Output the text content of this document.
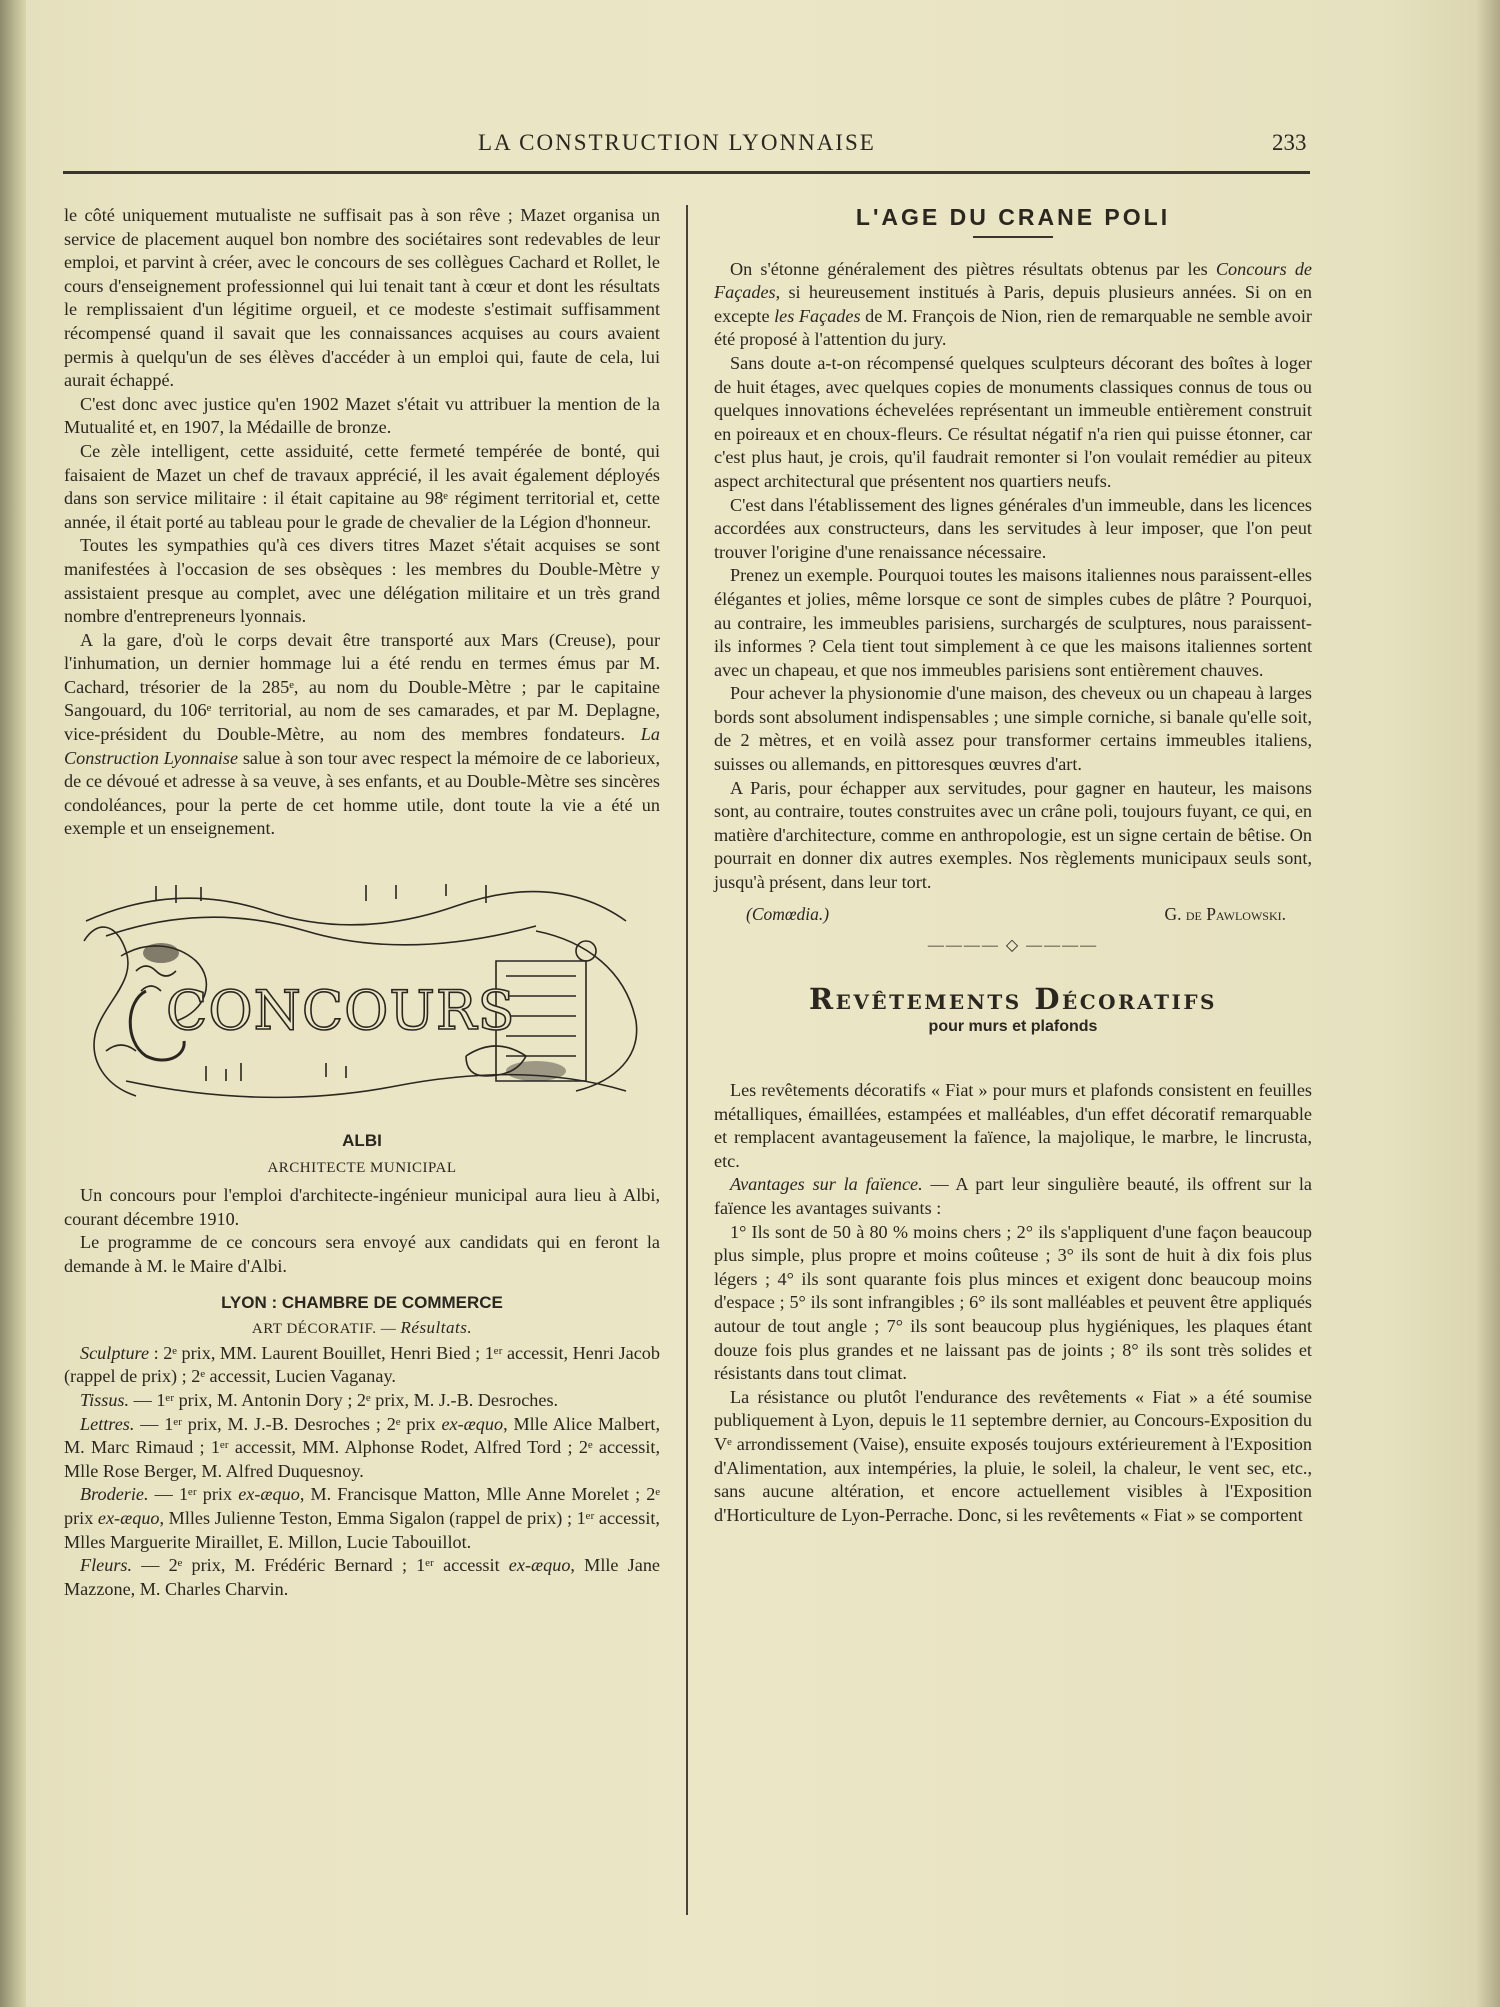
LA CONSTRUCTION LYONNAISE	233

le côté uniquement mutualiste ne suffisait pas à son rêve ; Mazet organisa un service de placement auquel bon nombre des sociétaires sont redevables de leur emploi, et parvint à créer, avec le concours de ses collègues Cachard et Rollet, le cours d'enseignement professionnel qui lui tenait tant à cœur et dont les résultats le remplissaient d'un légitime orgueil, et ce modeste s'estimait suffisamment récompensé quand il savait que les connaissances acquises au cours avaient permis à quelqu'un de ses élèves d'accéder à un emploi qui, faute de cela, lui aurait échappé.

C'est donc avec justice qu'en 1902 Mazet s'était vu attribuer la mention de la Mutualité et, en 1907, la Médaille de bronze.

Ce zèle intelligent, cette assiduité, cette fermeté tempérée de bonté, qui faisaient de Mazet un chef de travaux apprécié, il les avait également déployés dans son service militaire : il était capitaine au 98ᵉ régiment territorial et, cette année, il était porté au tableau pour le grade de chevalier de la Légion d'honneur.

Toutes les sympathies qu'à ces divers titres Mazet s'était acquises se sont manifestées à l'occasion de ses obsèques : les membres du Double-Mètre y assistaient presque au complet, avec une délégation militaire et un très grand nombre d'entrepreneurs lyonnais.

A la gare, d'où le corps devait être transporté aux Mars (Creuse), pour l'inhumation, un dernier hommage lui a été rendu en termes émus par M. Cachard, trésorier de la 285ᵉ, au nom du Double-Mètre ; par le capitaine Sangouard, du 106ᵉ territorial, au nom de ses camarades, et par M. Deplagne, vice-président du Double-Mètre, au nom des membres fondateurs. La Construction Lyonnaise salue à son tour avec respect la mémoire de ce laborieux, de ce dévoué et adresse à sa veuve, à ses enfants, et au Double-Mètre ses sincères condoléances, pour la perte de cet homme utile, dont toute la vie a été un exemple et un enseignement.

CONCOURS
ALBI
ARCHITECTE MUNICIPAL

Un concours pour l'emploi d'architecte-ingénieur municipal aura lieu à Albi, courant décembre 1910.

Le programme de ce concours sera envoyé aux candidats qui en feront la demande à M. le Maire d'Albi.

LYON : CHAMBRE DE COMMERCE
ART DÉCORATIF. — Résultats.

Sculpture : 2ᵉ prix, MM. Laurent Bouillet, Henri Bied ; 1ᵉʳ accessit, Henri Jacob (rappel de prix) ; 2ᵉ accessit, Lucien Vaganay.

Tissus. — 1ᵉʳ prix, M. Antonin Dory ; 2ᵉ prix, M. J.-B. Desroches.

Lettres. — 1ᵉʳ prix, M. J.-B. Desroches ; 2ᵉ prix ex-æquo, Mlle Alice Malbert, M. Marc Rimaud ; 1ᵉʳ accessit, MM. Alphonse Rodet, Alfred Tord ; 2ᵉ accessit, Mlle Rose Berger, M. Alfred Duquesnoy.

Broderie. — 1ᵉʳ prix ex-æquo, M. Francisque Matton, Mlle Anne Morelet ; 2ᵉ prix ex-æquo, Mlles Julienne Teston, Emma Sigalon (rappel de prix) ; 1ᵉʳ accessit, Mlles Marguerite Miraillet, E. Millon, Lucie Tabouillot.

Fleurs. — 2ᵉ prix, M. Frédéric Bernard ; 1ᵉʳ accessit ex-æquo, Mlle Jane Mazzone, M. Charles Charvin.

L'AGE DU CRANE POLI

On s'étonne généralement des piètres résultats obtenus par les Concours de Façades, si heureusement institués à Paris, depuis plusieurs années. Si on en excepte les Façades de M. François de Nion, rien de remarquable ne semble avoir été proposé à l'attention du jury.

Sans doute a-t-on récompensé quelques sculpteurs décorant des boîtes à loger de huit étages, avec quelques copies de monuments classiques connus de tous ou quelques innovations échevelées représentant un immeuble entièrement construit en poireaux et en choux-fleurs. Ce résultat négatif n'a rien qui puisse étonner, car c'est plus haut, je crois, qu'il faudrait remonter si l'on voulait remédier au piteux aspect architectural que présentent nos quartiers neufs.

C'est dans l'établissement des lignes générales d'un immeuble, dans les licences accordées aux constructeurs, dans les servitudes à leur imposer, que l'on peut trouver l'origine d'une renaissance nécessaire.

Prenez un exemple. Pourquoi toutes les maisons italiennes nous paraissent-elles élégantes et jolies, même lorsque ce sont de simples cubes de plâtre ? Pourquoi, au contraire, les immeubles parisiens, surchargés de sculptures, nous paraissent-ils informes ? Cela tient tout simplement à ce que les maisons italiennes sortent avec un chapeau, et que nos immeubles parisiens sont entièrement chauves.

Pour achever la physionomie d'une maison, des cheveux ou un chapeau à larges bords sont absolument indispensables ; une simple corniche, si banale qu'elle soit, de 2 mètres, et en voilà assez pour transformer certains immeubles italiens, suisses ou allemands, en pittoresques œuvres d'art.

A Paris, pour échapper aux servitudes, pour gagner en hauteur, les maisons sont, au contraire, toutes construites avec un crâne poli, toujours fuyant, ce qui, en matière d'architecture, comme en anthropologie, est un signe certain de bêtise. On pourrait en donner dix autres exemples. Nos règlements municipaux seuls sont, jusqu'à présent, dans leur tort.

(Comœdia.)	G. de Pawlowski.
———— ◇ ————
Revêtements Décoratifs
pour murs et plafonds

Les revêtements décoratifs « Fiat » pour murs et plafonds consistent en feuilles métalliques, émaillées, estampées et malléables, d'un effet décoratif remarquable et remplacent avantageusement la faïence, la majolique, le marbre, le lincrusta, etc.

Avantages sur la faïence. — A part leur singulière beauté, ils offrent sur la faïence les avantages suivants :

1° Ils sont de 50 à 80 % moins chers ; 2° ils s'appliquent d'une façon beaucoup plus simple, plus propre et moins coûteuse ; 3° ils sont de huit à dix fois plus légers ; 4° ils sont quarante fois plus minces et exigent donc beaucoup moins d'espace ; 5° ils sont infrangibles ; 6° ils sont malléables et peuvent être appliqués autour de tout angle ; 7° ils sont beaucoup plus hygiéniques, les plaques étant douze fois plus grandes et ne laissant pas de joints ; 8° ils sont très solides et résistants dans tout climat.

La résistance ou plutôt l'endurance des revêtements « Fiat » a été soumise publiquement à Lyon, depuis le 11 septembre dernier, au Concours-Exposition du Vᵉ arrondissement (Vaise), ensuite exposés toujours extérieurement à l'Exposition d'Alimentation, aux intempéries, la pluie, le soleil, la chaleur, le vent sec, etc., sans aucune altération, et encore actuellement visibles à l'Exposition d'Horticulture de Lyon-Perrache. Donc, si les revêtements « Fiat » se comportent
